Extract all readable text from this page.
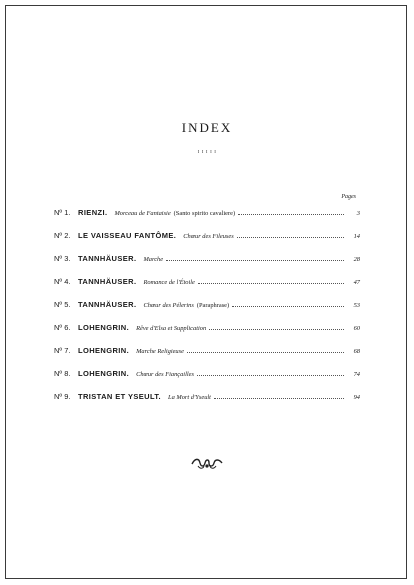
INDEX
ɪ ɪ ɪ ɪ ɪ
Pages
Nº 1.	RIENZI. Morceau de Fantaisie (Santo spirito cavaliere)	3
Nº 2.	LE VAISSEAU FANTÔME. Chœur des Fileuses	14
Nº 3.	TANNHÄUSER. Marche	28
Nº 4.	TANNHÄUSER. Romance de l'Étoile	47
Nº 5.	TANNHÄUSER. Chœur des Pélerins (Paraphrase)	53
Nº 6.	LOHENGRIN. Rêve d'Elsa et Supplication	60
Nº 7.	LOHENGRIN. Marche Religieuse	68
Nº 8.	LOHENGRIN. Chœur des Fiançailles	74
Nº 9.	TRISTAN ET YSEULT. La Mort d'Yseult	94
